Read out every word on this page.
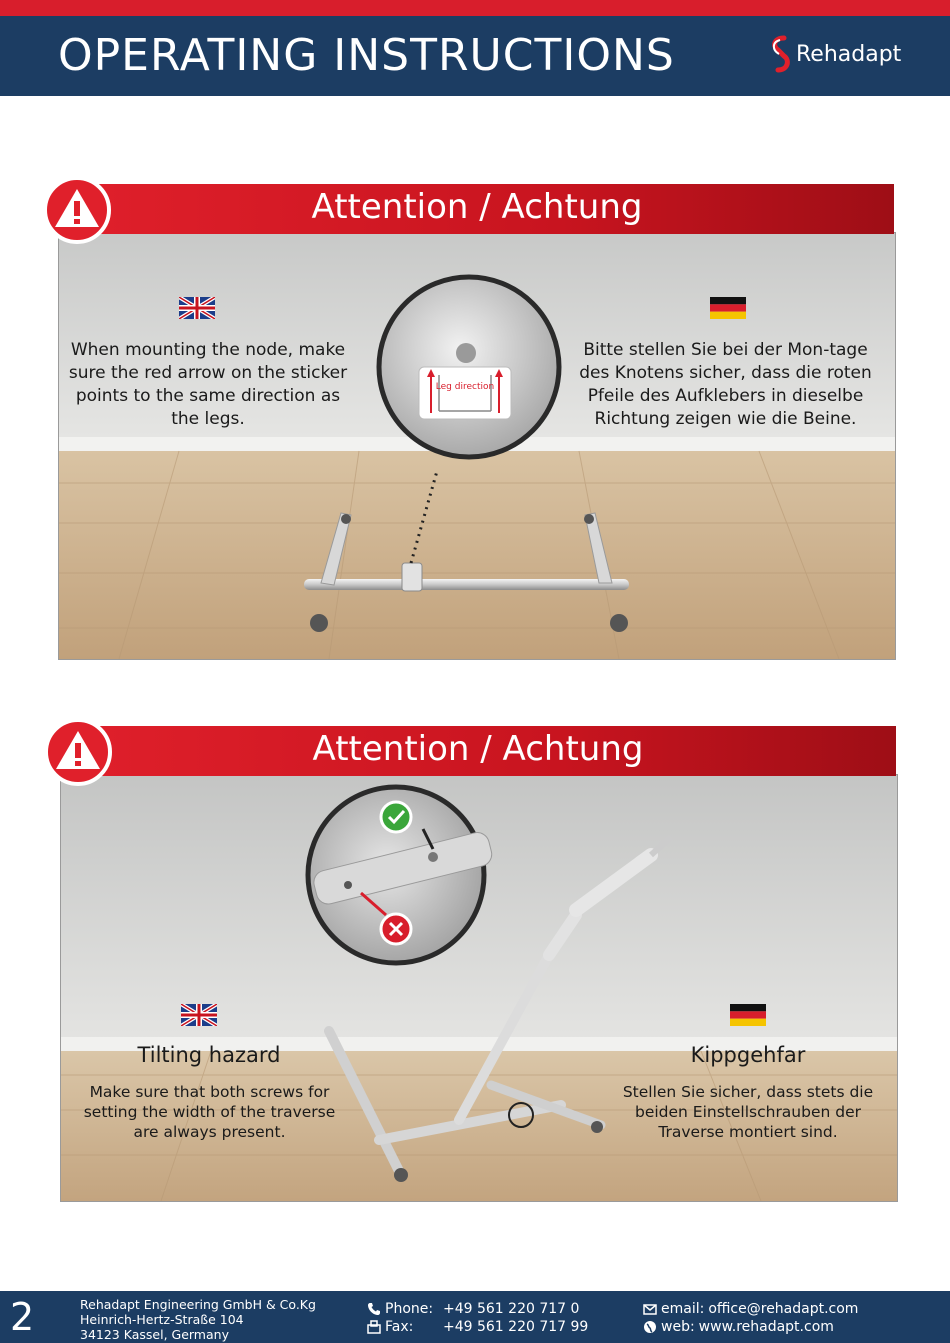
OPERATING INSTRUCTIONS	Rehadapt
Leg direction
Attention / Achtung
When mounting the node, make sure the red arrow on the sticker points to the same direction as the legs.
Bitte stellen Sie bei der Mon-tage des Knotens sicher, dass die roten Pfeile des Aufklebers in dieselbe Richtung zeigen wie die Beine.
Attention / Achtung
Tilting hazard
Make sure that both screws for setting the width of the traverse are always present.
Kippgehfar
Stellen Sie sicher, dass stets die beiden Einstellschrauben der Traverse montiert sind.
2	Rehadapt Engineering GmbH & Co.Kg
Heinrich-Hertz-Straße 104
34123 Kassel, Germany
Phone: +49 561 220 717 0
Fax:	+49 561 220 717 99
email: office@rehadapt.com
web: www.rehadapt.com
